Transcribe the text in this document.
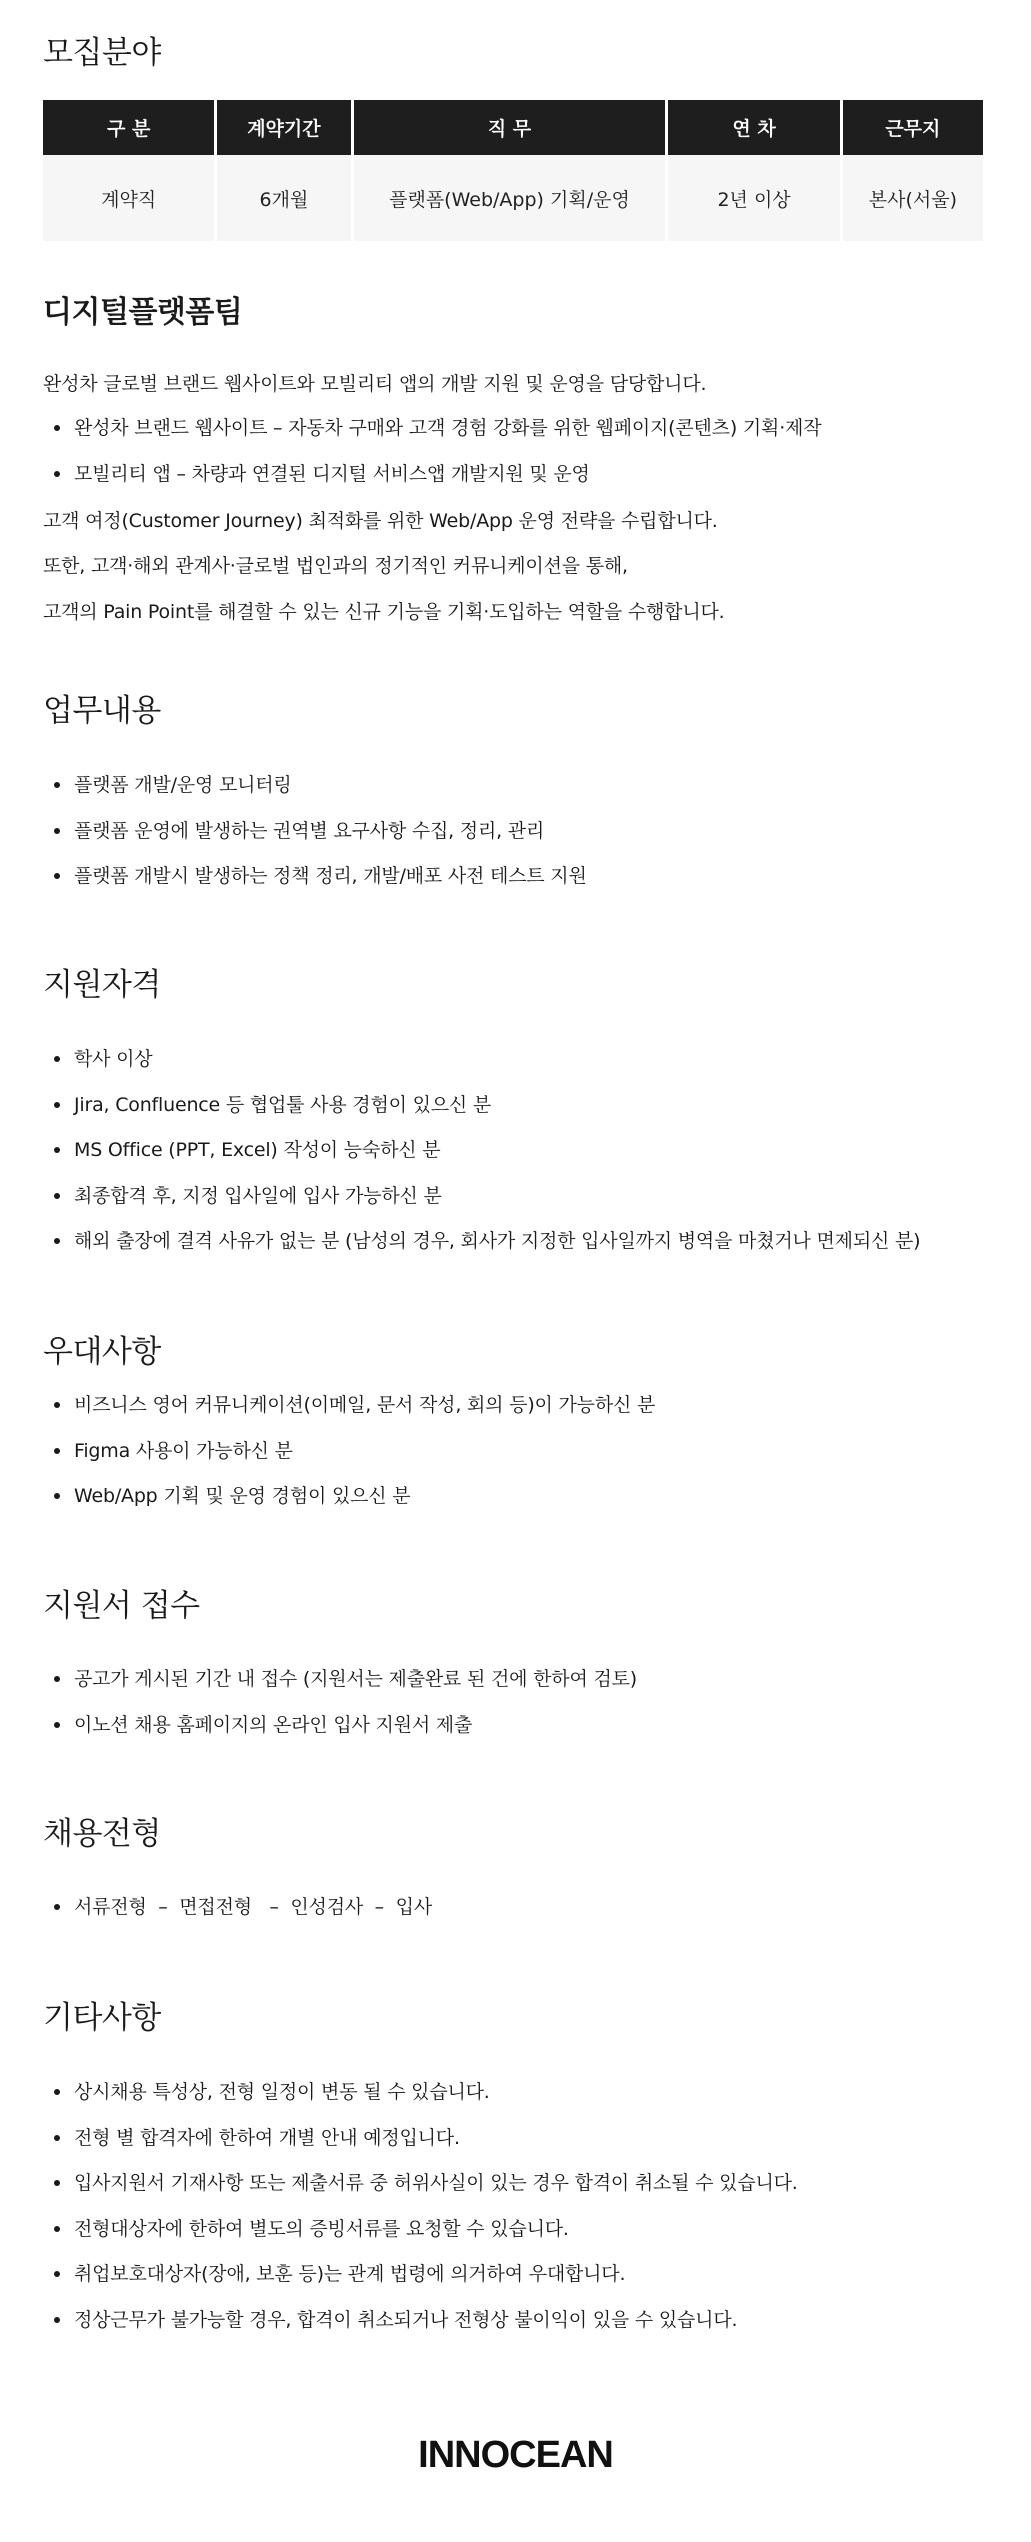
모집분야
구 분	계약기간	직 무	연 차	근무지
계약직	6개월	플랫폼(Web/App) 기획/운영	2년 이상	본사(서울)
디지털플랫폼팀

완성차 글로벌 브랜드 웹사이트와 모빌리티 앱의 개발 지원 및 운영을 담당합니다.

완성차 브랜드 웹사이트 – 자동차 구매와 고객 경험 강화를 위한 웹페이지(콘텐츠) 기획·제작
모빌리티 앱 – 차량과 연결된 디지털 서비스앱 개발지원 및 운영

고객 여정(Customer Journey) 최적화를 위한 Web/App 운영 전략을 수립합니다.

또한, 고객·해외 관계사·글로벌 법인과의 정기적인 커뮤니케이션을 통해,

고객의 Pain Point를 해결할 수 있는 신규 기능을 기획·도입하는 역할을 수행합니다.

업무내용
플랫폼 개발/운영 모니터링
플랫폼 운영에 발생하는 권역별 요구사항 수집, 정리, 관리
플랫폼 개발시 발생하는 정책 정리, 개발/배포 사전 테스트 지원
지원자격
학사 이상
Jira, Confluence 등 협업툴 사용 경험이 있으신 분
MS Office (PPT, Excel) 작성이 능숙하신 분
최종합격 후, 지정 입사일에 입사 가능하신 분
해외 출장에 결격 사유가 없는 분 (남성의 경우, 회사가 지정한 입사일까지 병역을 마쳤거나 면제되신 분)
우대사항
비즈니스 영어 커뮤니케이션(이메일, 문서 작성, 회의 등)이 가능하신 분
Figma 사용이 가능하신 분
Web/App 기획 및 운영 경험이 있으신 분
지원서 접수
공고가 게시된 기간 내 접수 (지원서는 제출완료 된 건에 한하여 검토)
이노션 채용 홈페이지의 온라인 입사 지원서 제출
채용전형
서류전형  –  면접전형   –  인성검사  –  입사
기타사항
상시채용 특성상, 전형 일정이 변동 될 수 있습니다.
전형 별 합격자에 한하여 개별 안내 예정입니다.
입사지원서 기재사항 또는 제출서류 중 허위사실이 있는 경우 합격이 취소될 수 있습니다.
전형대상자에 한하여 별도의 증빙서류를 요청할 수 있습니다.
취업보호대상자(장애, 보훈 등)는 관계 법령에 의거하여 우대합니다.
정상근무가 불가능할 경우, 합격이 취소되거나 전형상 불이익이 있을 수 있습니다.
INNOCEAN
